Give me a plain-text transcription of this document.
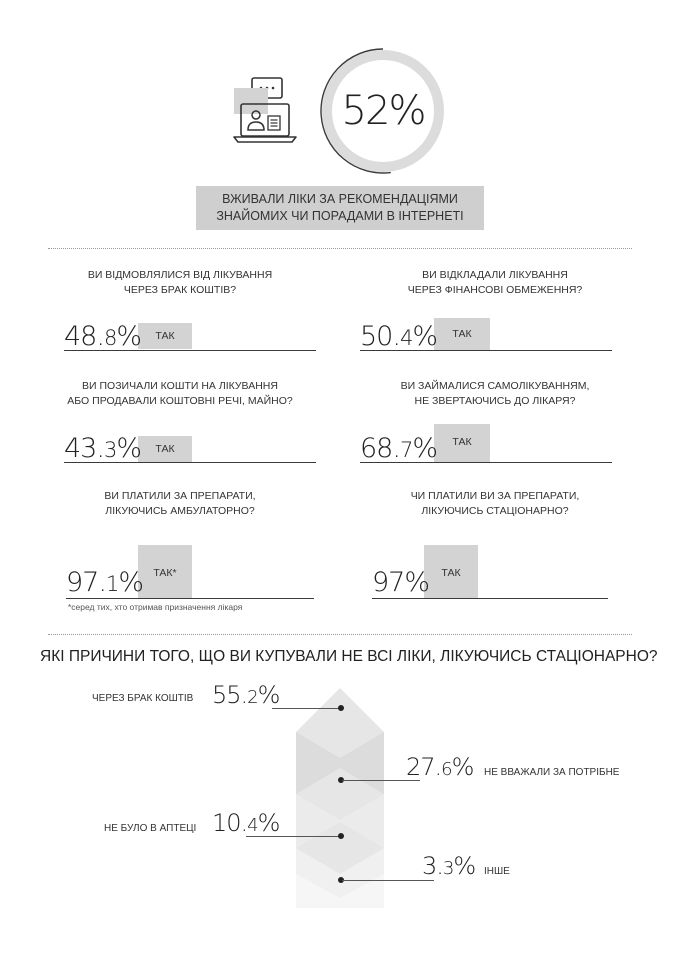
52%
ВЖИВАЛИ ЛІКИ ЗА РЕКОМЕНДАЦІЯМИ
ЗНАЙОМИХ ЧИ ПОРАДАМИ В ІНТЕРНЕТІ
ВИ ВІДМОВЛЯЛИСЯ ВІД ЛІКУВАННЯ
ЧЕРЕЗ БРАК КОШТІВ?
ТАК
48.8%
ВИ ВІДКЛАДАЛИ ЛІКУВАННЯ
ЧЕРЕЗ ФІНАНСОВІ ОБМЕЖЕННЯ?
ТАК
50.4%
ВИ ПОЗИЧАЛИ КОШТИ НА ЛІКУВАННЯ
АБО ПРОДАВАЛИ КОШТОВНІ РЕЧІ, МАЙНО?
ТАК
43.3%
ВИ ЗАЙМАЛИСЯ САМОЛІКУВАННЯМ,
НЕ ЗВЕРТАЮЧИСЬ ДО ЛІКАРЯ?
ТАК
68.7%
ВИ ПЛАТИЛИ ЗА ПРЕПАРАТИ,
ЛІКУЮЧИСЬ АМБУЛАТОРНО?
ТАК*
97.1%
*серед тих, хто отримав призначення лікаря
ЧИ ПЛАТИЛИ ВИ ЗА ПРЕПАРАТИ,
ЛІКУЮЧИСЬ СТАЦІОНАРНО?
ТАК
97%
ЯКІ ПРИЧИНИ ТОГО, ЩО ВИ КУПУВАЛИ НЕ ВСІ ЛІКИ, ЛІКУЮЧИСЬ СТАЦІОНАРНО?
ЧЕРЕЗ БРАК КОШТІВ 55.2%
27.6% НЕ ВВАЖАЛИ ЗА ПОТРІБНЕ
НЕ БУЛО В АПТЕЦІ 10.4%
3.3% ІНШЕ
